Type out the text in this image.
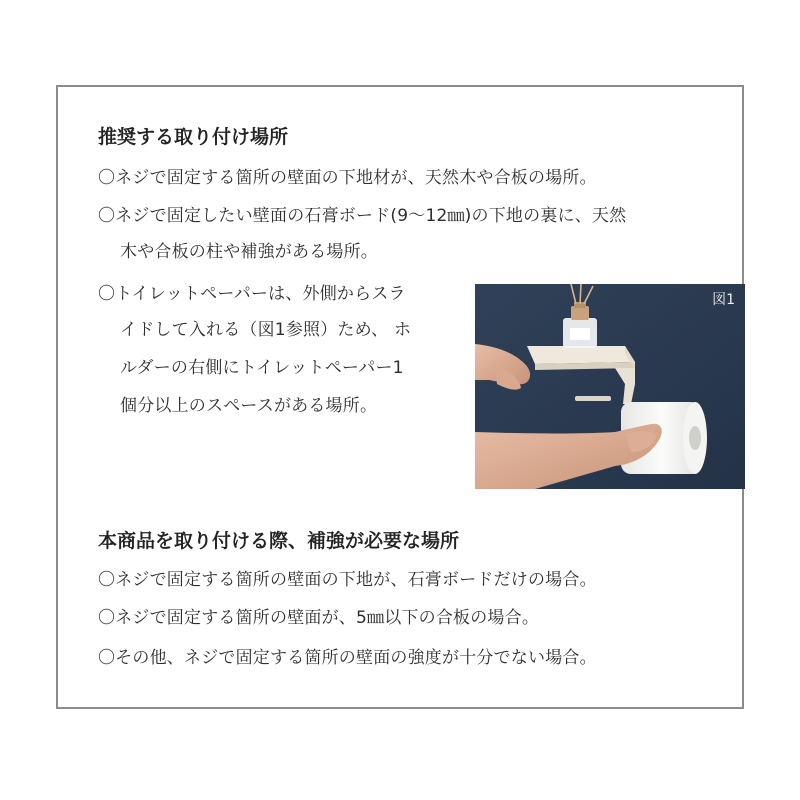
推奨する取り付け場所

〇ネジで固定する箇所の壁面の下地材が、天然木や合板の場所。

〇ネジで固定したい壁面の石膏ボード(9～12㎜)の下地の裏に、天然

木や合板の柱や補強がある場所。

〇トイレットペーパーは、外側からスラ

イドして入れる（図1参照）ため、 ホ

ルダーの右側にトイレットペーパー1

個分以上のスペースがある場所。

図1
本商品を取り付ける際、補強が必要な場所

〇ネジで固定する箇所の壁面の下地が、石膏ボードだけの場合。

〇ネジで固定する箇所の壁面が、5㎜以下の合板の場合。

〇その他、ネジで固定する箇所の壁面の強度が十分でない場合。
